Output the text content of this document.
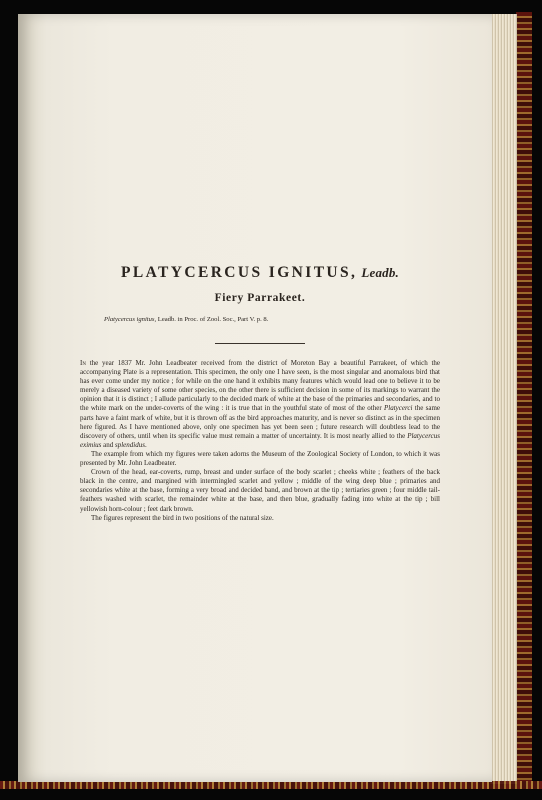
PLATYCERCUS IGNITUS, Leadb.

Fiery Parrakeet.
Platycercus ignitus, Leadb. in Proc. of Zool. Soc., Part V. p. 8.

In the year 1837 Mr. John Leadbeater received from the district of Moreton Bay a beautiful Parrakeet, of which the accompanying Plate is a representation. This specimen, the only one I have seen, is the most singular and anomalous bird that has ever come under my notice ; for while on the one hand it exhibits many features which would lead one to believe it to be merely a diseased variety of some other species, on the other there is sufficient decision in some of its markings to warrant the opinion that it is distinct ; I allude particularly to the decided mark of white at the base of the primaries and secondaries, and to the white mark on the under-coverts of the wing : it is true that in the youthful state of most of the other Platycerci the same parts have a faint mark of white, but it is thrown off as the bird approaches maturity, and is never so distinct as in the specimen here figured. As I have mentioned above, only one specimen has yet been seen ; future research will doubtless lead to the discovery of others, until when its specific value must remain a matter of uncertainty. It is most nearly allied to the Platycercus eximius and splendidus.

The example from which my figures were taken adorns the Museum of the Zoological Society of London, to which it was presented by Mr. John Leadbeater.

Crown of the head, ear-coverts, rump, breast and under surface of the body scarlet ; cheeks white ; feathers of the back black in the centre, and margined with intermingled scarlet and yellow ; middle of the wing deep blue ; primaries and secondaries white at the base, forming a very broad and decided band, and brown at the tip ; tertiaries green ; four middle tail-feathers washed with scarlet, the remainder white at the base, and then blue, gradually fading into white at the tip ; bill yellowish horn-colour ; feet dark brown.

The figures represent the bird in two positions of the natural size.
